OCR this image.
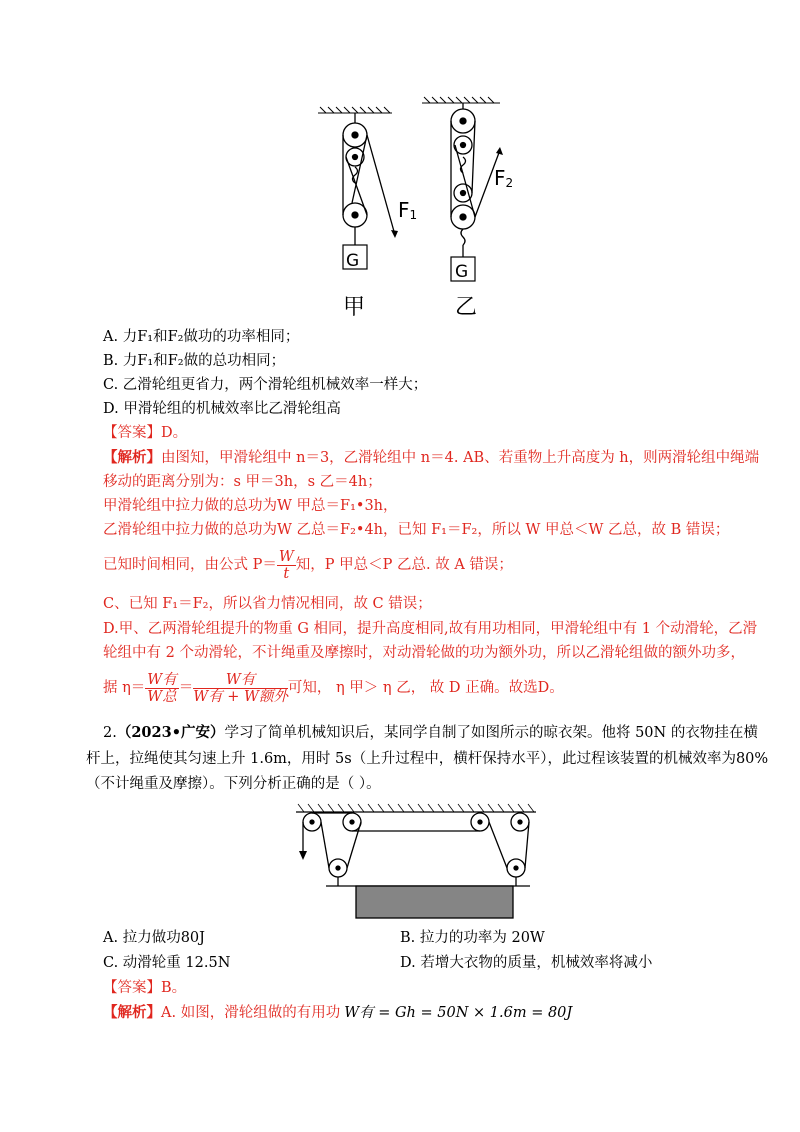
G
G
$F_1$
$F_2$
甲	乙
A. 力F₁和F₂做功的功率相同；
B. 力F₁和F₂做的总功相同；
C. 乙滑轮组更省力，两个滑轮组机械效率一样大；
D. 甲滑轮组的机械效率比乙滑轮组高
【答案】D。
【解析】由图知，甲滑轮组中 n＝3，乙滑轮组中 n＝4. AB、若重物上升高度为 h，则两滑轮组中绳端
移动的距离分别为：s 甲＝3h，s 乙＝4h；
甲滑轮组中拉力做的总功为W 甲总＝F₁•3h，
乙滑轮组中拉力做的总功为W 乙总＝F₂•4h，已知 F₁＝F₂，所以 W 甲总＜W 乙总，故 B 错误；
已知时间相同，由公式 $P= \frac{W}{t}$ 知，P 甲总＜P 乙总. 故 A 错误；
C、已知 F₁＝F₂，所以省力情况相同，故 C 错误；
D.甲、乙两滑轮组提升的物重 G 相同，提升高度相同,故有用功相同，甲滑轮组中有 1 个动滑轮，乙滑
轮组中有 2 个动滑轮，不计绳重及摩擦时，对动滑轮做的功为额外功，所以乙滑轮组做的额外功多，
据 $\eta= \frac{\text{W有}}{\text{W总}} = \frac{\text{W有}}{\text{W有 + W额外}}$ 可知， η 甲＞ η 乙， 故 D 正确。故选D。
2.（2023•广安）学习了简单机械知识后，某同学自制了如图所示的晾衣架。他将 50N 的衣物挂在横
杆上，拉绳使其匀速上升 1.6m，用时 5s（上升过程中，横杆保持水平），此过程该装置的机械效率为80%
（不计绳重及摩擦）。下列分析正确的是（ ）。
A. 拉力做功80J	B. 拉力的功率为 20W
C. 动滑轮重 12.5N	D. 若增大衣物的质量，机械效率将减小
【答案】B。
【解析】A. 如图，滑轮组做的有用功 W有 = Gh = 50N × 1.6m = 80J
